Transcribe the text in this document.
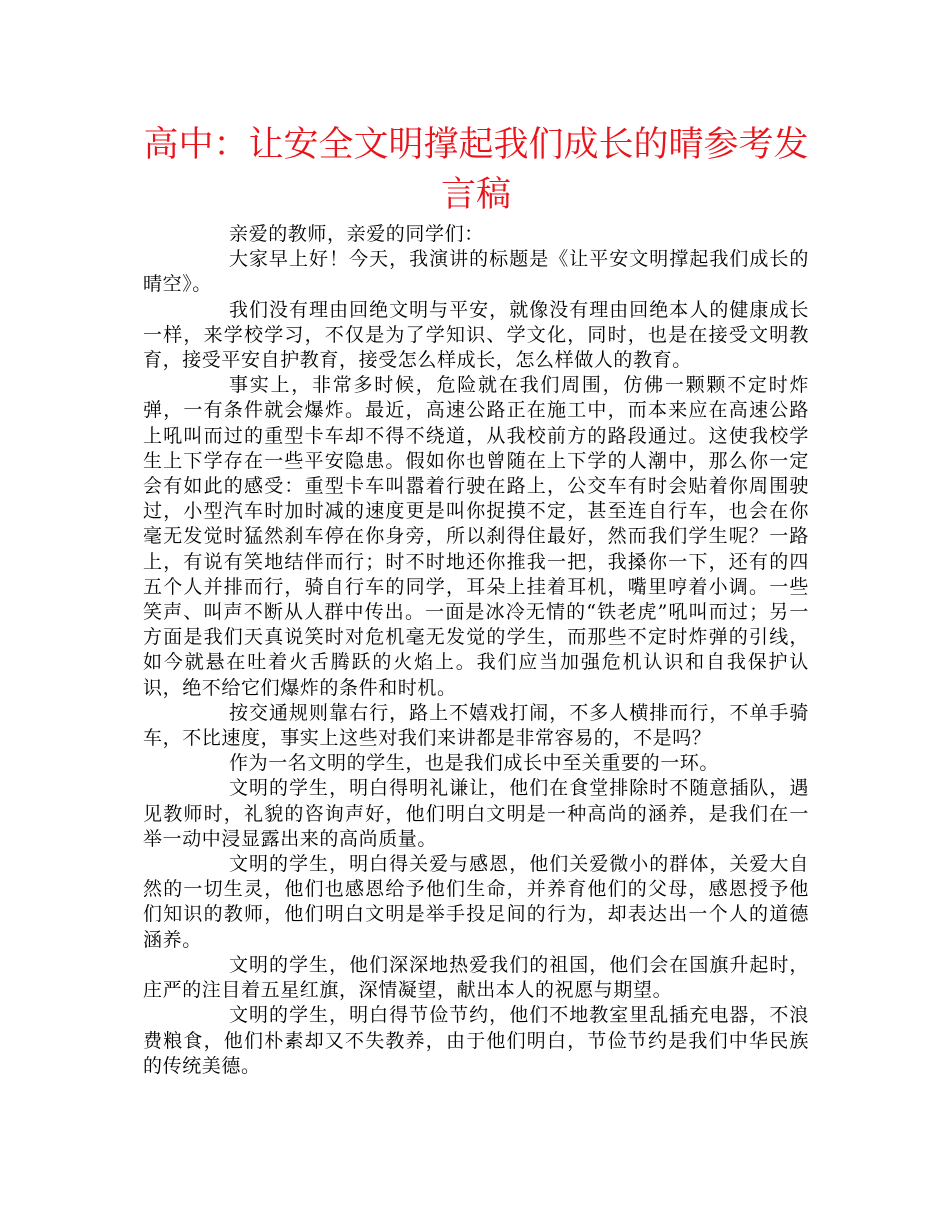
高中：让安全文明撑起我们成长的晴参考发言稿

亲爱的教师，亲爱的同学们：

大家早上好！今天，我演讲的标题是《让平安文明撑起我们成长的晴空》。

我们没有理由回绝文明与平安，就像没有理由回绝本人的健康成长一样，来学校学习，不仅是为了学知识、学文化，同时，也是在接受文明教育，接受平安自护教育，接受怎么样成长，怎么样做人的教育。

事实上，非常多时候，危险就在我们周围，仿佛一颗颗不定时炸弹，一有条件就会爆炸。最近，高速公路正在施工中，而本来应在高速公路上吼叫而过的重型卡车却不得不绕道，从我校前方的路段通过。这使我校学生上下学存在一些平安隐患。假如你也曾随在上下学的人潮中，那么你一定会有如此的感受：重型卡车叫嚣着行驶在路上，公交车有时会贴着你周围驶过，小型汽车时加时减的速度更是叫你捉摸不定，甚至连自行车，也会在你毫无发觉时猛然刹车停在你身旁，所以刹得住最好，然而我们学生呢？一路上，有说有笑地结伴而行；时不时地还你推我一把，我搡你一下，还有的四五个人并排而行，骑自行车的同学，耳朵上挂着耳机，嘴里哼着小调。一些笑声、叫声不断从人群中传出。一面是冰冷无情的“铁老虎”吼叫而过；另一方面是我们天真说笑时对危机毫无发觉的学生，而那些不定时炸弹的引线，如今就悬在吐着火舌腾跃的火焰上。我们应当加强危机认识和自我保护认识，绝不给它们爆炸的条件和时机。

按交通规则靠右行，路上不嬉戏打闹，不多人横排而行，不单手骑车，不比速度，事实上这些对我们来讲都是非常容易的，不是吗？

作为一名文明的学生，也是我们成长中至关重要的一环。

文明的学生，明白得明礼谦让，他们在食堂排除时不随意插队，遇见教师时，礼貌的咨询声好，他们明白文明是一种高尚的涵养，是我们在一举一动中浸显露出来的高尚质量。

文明的学生，明白得关爱与感恩，他们关爱微小的群体，关爱大自然的一切生灵，他们也感恩给予他们生命，并养育他们的父母，感恩授予他们知识的教师，他们明白文明是举手投足间的行为，却表达出一个人的道德涵养。

文明的学生，他们深深地热爱我们的祖国，他们会在国旗升起时，庄严的注目着五星红旗，深情凝望，献出本人的祝愿与期望。

文明的学生，明白得节俭节约，他们不地教室里乱插充电器，不浪费粮食，他们朴素却又不失教养，由于他们明白，节俭节约是我们中华民族的传统美德。
